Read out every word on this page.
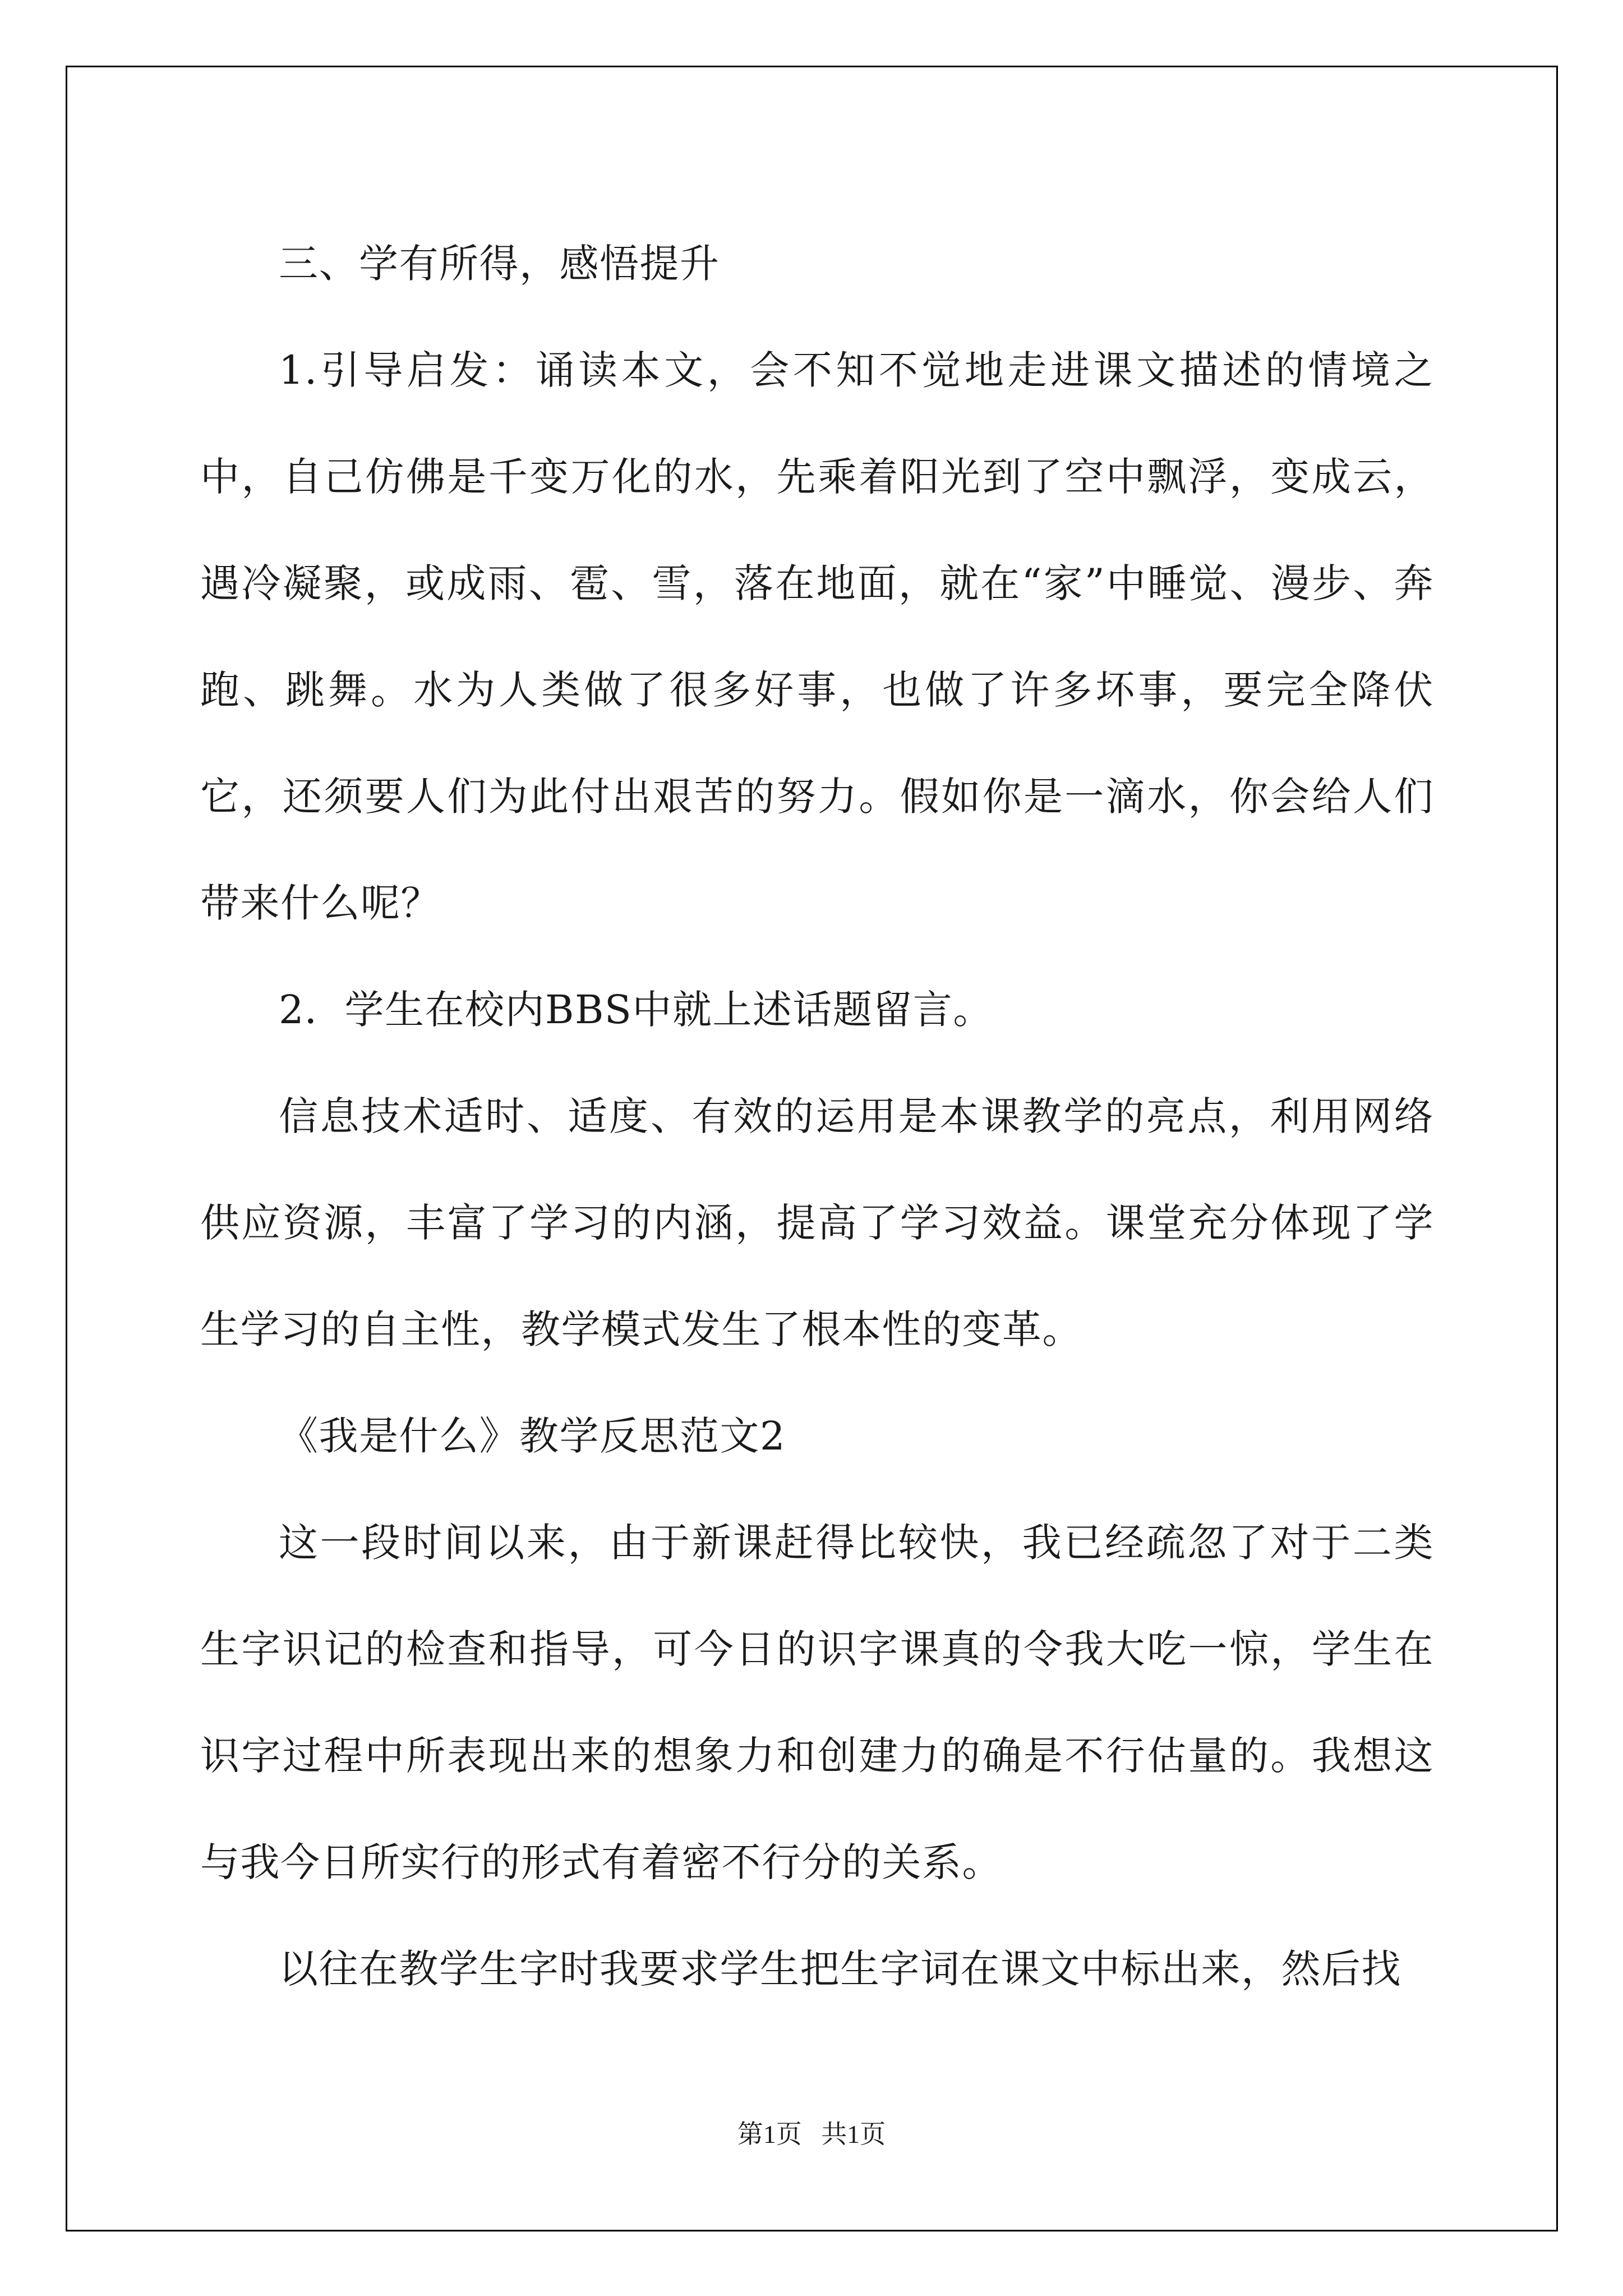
三、学有所得，感悟提升

1.引导启发：诵读本文，会不知不觉地走进课文描述的情境之中，自己仿佛是千变万化的水，先乘着阳光到了空中飘浮，变成云，遇冷凝聚，或成雨、雹、雪，落在地面，就在“家”中睡觉、漫步、奔跑、跳舞。水为人类做了很多好事，也做了许多坏事，要完全降伏它，还须要人们为此付出艰苦的努力。假如你是一滴水，你会给人们带来什么呢？

2．学生在校内BBS中就上述话题留言。

信息技术适时、适度、有效的运用是本课教学的亮点，利用网络供应资源，丰富了学习的内涵，提高了学习效益。课堂充分体现了学生学习的自主性，教学模式发生了根本性的变革。

《我是什么》教学反思范文2

这一段时间以来，由于新课赶得比较快，我已经疏忽了对于二类生字识记的检查和指导，可今日的识字课真的令我大吃一惊，学生在识字过程中所表现出来的想象力和创建力的确是不行估量的。我想这与我今日所实行的形式有着密不行分的关系。

以往在教学生字时我要求学生把生字词在课文中标出来，然后找

第1页   共1页
